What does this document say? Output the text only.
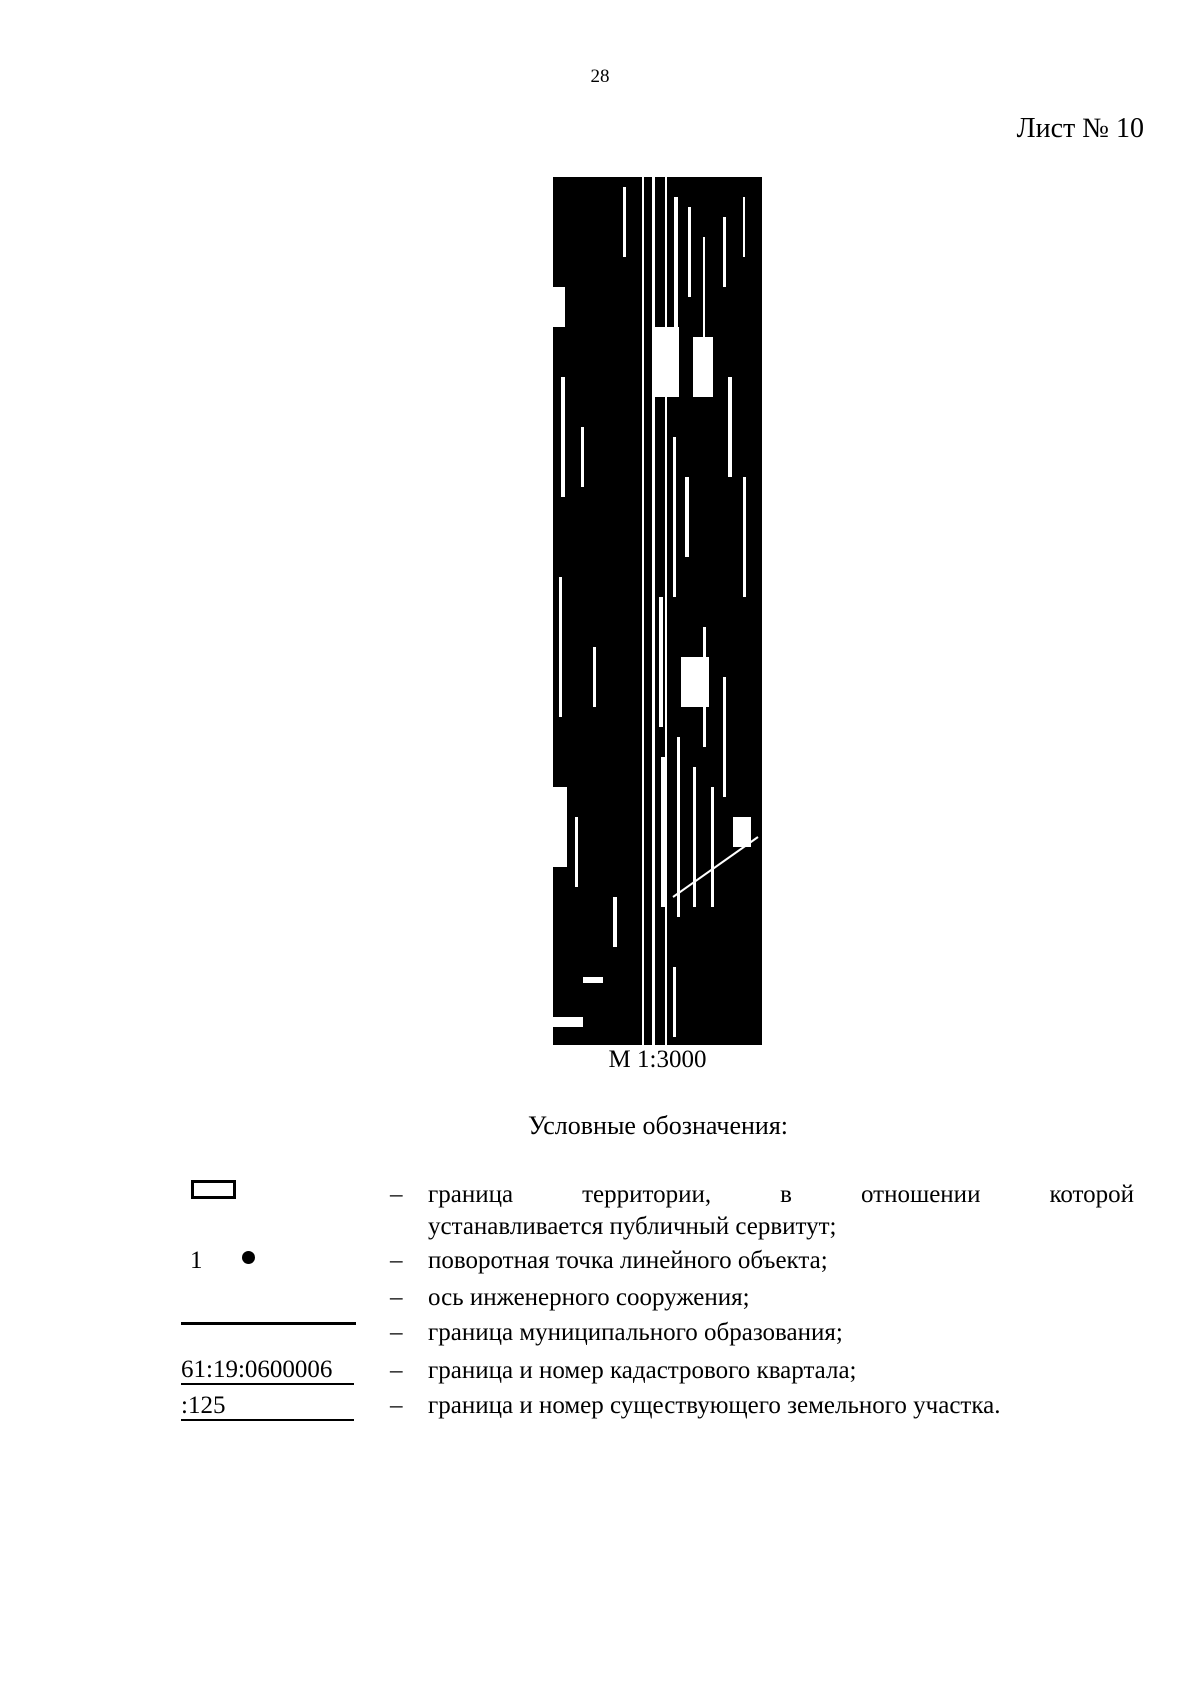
28
Лист № 10
М 1:3000
Условные обозначения:
1
61:19:0600006
:125
– граница территории, в отношении которой
устанавливается публичный сервитут;
– поворотная точка линейного объекта;
– ось инженерного сооружения;
– граница муниципального образования;
– граница и номер кадастрового квартала;
– граница и номер существующего земельного участка.
